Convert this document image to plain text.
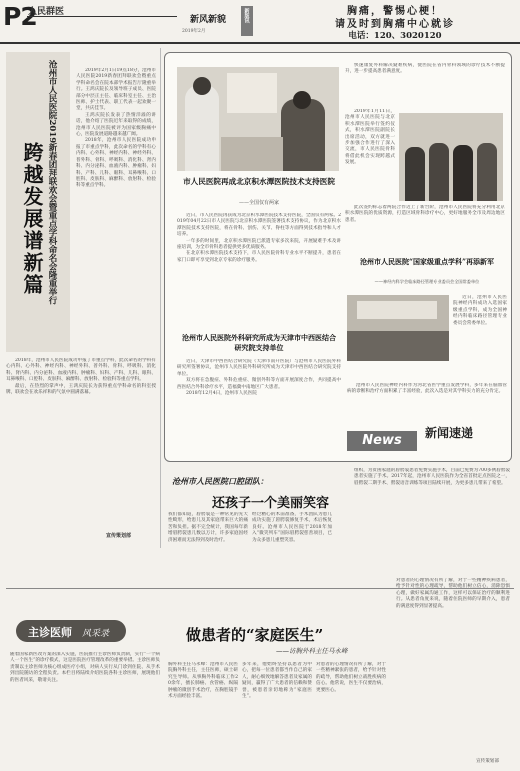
P2
人民群医
新风新貌
2019年2月
新版讯	胸痛，警惕心梗！
请及时到胸痛中心就诊
电话：120、3020120
沧州市人民医院2019新春团拜联欢会暨重点学科命名会隆重举行
跨越发展谱新篇

2019年2月1日19点18分，沧州市人民医院2019新春团拜联欢会暨重点学科命名会在院本部学术报告厅隆重举行。王鸿庆院长及领导班子成员、医院部分中层正主任、临床科室主任、主治医师、护士代表、职工代表一起欢聚一堂，共庆佳节。

王鸿庆院长发表了热情洋溢的讲话，他介绍了医院近年来取得的成绩，沧州市人民医院被评为国家级胸痛中心，医院发展道路越来越广阔。

2018年，沧州市人民医院成功申报了市重点学科，此次命名的学科有心内科、心外科、神经内科、神经外科、普外科、骨科、呼吸科、消化科、肾内科、内分泌科、血液内科、肿瘤科、妇科、产科、儿科、眼科、耳鼻喉科、口腔科、皮肤科、麻醉科、放射科、检验科等重点学科。

2018年，沧州市人民医院成功申报了市重点学科，此次命名的学科有心内科、心外科、神经内科、神经外科、普外科、骨科、呼吸科、消化科、肾内科、内分泌科、血液内科、肿瘤科、妇科、产科、儿科、眼科、耳鼻喉科、口腔科、皮肤科、麻醉科、放射科、检验科等重点学科。

最后，在热烈的掌声中，王鸿庆院长为获得重点学科命名的科室授牌，联欢会在欢乐祥和的气氛中圆满落幕。

宣传策划部
市人民医院再成北京积水潭医院技术支持医院
——全国仅有两家

近日，市人民医院再获成为北京积水潭医院技术支持医院，全国仅有两家。2019年04月22日市人民医院与北京积水潭医院签署技术支持协议，作为北京积水潭医院技术支持医院，将在骨科、创伤、关节、脊柱等方面得到技术指导和人才培养。

一年多的时间里，北京积水潭医院已派遣专家多次来院，开展疑难手术及讲座培训，为全市骨科患者提供更多优质服务。

在北京积水潭医院技术支持下，市人民医院骨科专业水平不断提升，患者在家门口即可享受到北京专家的诊疗服务。

快速康复外科解决疑难疾病，使医院在省内骨科领域的诊疗技术不断提升，进一步提高患者满意度。

2019年1月11日，沧州市人民医院与北京积水潭医院举行签约仪式，积水潭医院副院长出席活动，双方就进一步加强合作进行了深入交流，市人民医院骨科将借此机会实现跨越式发展。

此次签约标志着两院合作迈上了新台阶，沧州市人民医院将充分利用北京积水潭医院的优质资源，打造区域骨科诊疗中心，更好地服务全市及周边地区患者。

沧州市人民医院“国家级重点学科”再添新军
——神经内科学会临床路径管理专业委员会全国常委单位

近日，沧州市人民医院神经内科成功入选国家级重点学科，成为全国神经内科临床路径管理专业委员会常委单位。

沧州市人民医院神经内科作为河北省医学重点发展学科，多年来在脑血管病的诊断和治疗方面积累了丰富经验，此次入选是对其学科实力的充分肯定。

沧州市人民医院外科研究所成为天津市中西医结合研究院支持单位

近日，天津市中西医结合研究院（天津市南开医院）与沧州市人民医院外科研究所签署协议，沧州市人民医院外科研究所成为天津市中西医结合研究院支持单位。

双方将在急腹症、外科危重症、微创外科等方面开展深度合作，共同提高中西医结合外科诊疗水平，造福冀中南地区广大患者。

2018年12月4日，沧州市人民医院

News	新闻速递
沧州市人民医院口腔团队：
还孩子一个美丽笑容
我们都知道，唇腭裂是一种常见的先天性畸形，给患儿及其家庭带来巨大的痛苦和负担。据不完全统计，我国每年新增唇腭裂患儿数以万计，许多家庭因经济困难而无法得到及时治疗。
经过精心的术前准备，手术团队为患儿成功实施了唇腭裂修复手术，术后恢复良好。沧州市人民医院于2018年加入“微笑列车”国际唇腭裂慈善项目，已为众多患儿重塑笑容。
组织，为贫困家庭的唇腭裂患者免费实施手术，目前已免费为700多例唇腭裂患者实施了手术。2017年起，沧州市人民医院作为全省首批定点医院之一，唇腭裂二期手术、腭裂语音训练等项目陆续开展，为更多患儿带来了希望。
主诊医师 风采录
随着国家新医改方案的深入实施，医院推行主诊医师负责制，实行“一个病人一个医生”的诊疗模式，这是医院医疗管理改革的重要举措。主诊医师负责制以主诊医师为核心组成医疗小组，对病人实行从门诊到住院、从手术到出院随访的全程负责。本栏目将陆续介绍医院各科主诊医师，展现他们的医者风采，敬请关注。
做患者的“家庭医生”
——访胸外科主任马永峰
胸外科主任马永峰：沧州市人民医院胸外科主任，主任医师，硕士研究生导师。从事胸外科临床工作20余年，擅长肺癌、食管癌、纵隔肿瘤的微创手术治疗，在胸腔镜手术方面经验丰富。
多年来，他始终坚持以患者为中心，把每一位患者都当作自己的家人，耐心细致地解答患者及家属的疑问，赢得了广大患者的信赖和赞誉，被患者亲切地称为“家庭医生”。
对患者的心理情况有所了解，对于一些精神紧张的患者，给予针对性的疏导，帮助他们树立战胜疾病的信心。他常说，医生不仅要治病，更要医心。
对患者的心理情况有所了解，对于一些精神疾病患者，给予针对性的心理疏导，帮助他们树立信心，消除恐惧心理，做好家属沟通工作，这样可以保证治疗的顺利进行。从患者角度来说，随着住院医师的早期介入，患者的满意度得到显著提高。
宣传策划部
